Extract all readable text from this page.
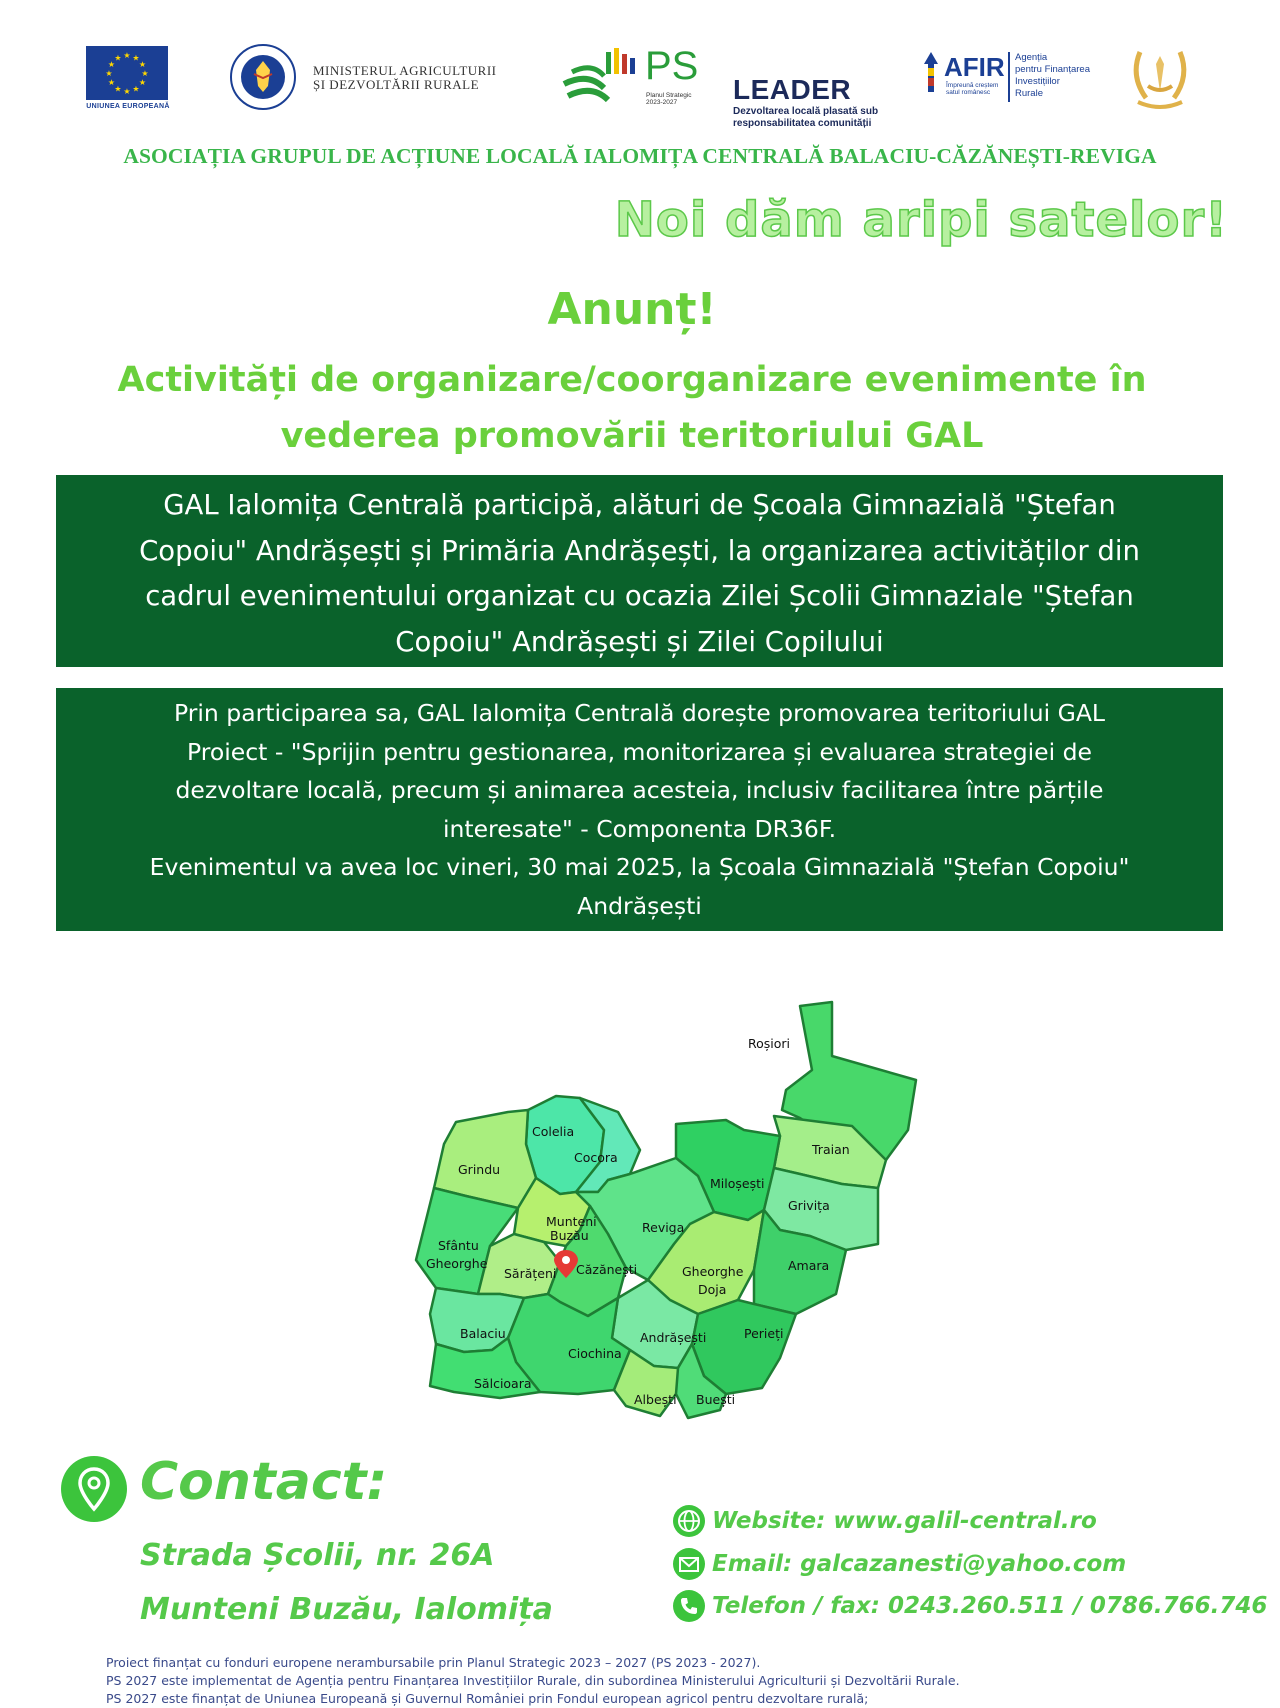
★ ★
★
★
★
★
★
★
★
★
★
★
UNIUNEA EUROPEANĂ
MINISTERUL AGRICULTURII
ȘI DEZVOLTĂRII RURALE	PS
Planul Strategic
2023-2027	LEADER
Dezvoltarea locală plasată sub
responsabilitatea comunității
AFIR
Împreună creștem
satul românesc
Agenția
pentru Finanțarea
Investițiilor
Rurale
ASOCIAȚIA GRUPUL DE ACȚIUNE LOCALĂ IALOMIȚA CENTRALĂ BALACIU-CĂZĂNEȘTI-REVIGA
Noi dăm aripi satelor!
Anunț!
Activități de organizare/coorganizare evenimente în
vederea promovării teritoriului GAL

GAL Ialomița Centrală participă, alături de Școala Gimnazială "Ștefan

Copoiu" Andrășești și Primăria Andrășești, la organizarea activităților din

cadrul evenimentului organizat cu ocazia Zilei Școlii Gimnaziale "Ștefan

Copoiu" Andrășești și Zilei Copilului

Prin participarea sa, GAL Ialomița Centrală dorește promovarea teritoriului GAL

Proiect - "Sprijin pentru gestionarea, monitorizarea și evaluarea strategiei de

dezvoltare locală, precum și animarea acesteia, inclusiv facilitarea între părțile

interesate" - Componenta DR36F.

Evenimentul va avea loc vineri, 30 mai 2025, la Școala Gimnazială "Ștefan Copoiu"

Andrășești

Roșiori
Traian
Colelia
Cocora
Grindu
Miloșești
Grivița
Munteni
Buzău
Reviga
Sfântu
Gheorghe
Sărățeni Căzănești	Gheorghe
Doja
Amara
Balaciu	Andrășești	Perieți
Ciochina
Sălcioara
Albești Buești
Contact:
Strada Școlii, nr. 26A
Munteni Buzău, Ialomița
Website: www.galil-central.ro
Email: galcazanesti@yahoo.com
Telefon / fax: 0243.260.511 / 0786.766.746
Proiect finanțat cu fonduri europene nerambursabile prin Planul Strategic 2023 – 2027 (PS 2023 - 2027).
PS 2027 este implementat de Agenția pentru Finanțarea Investițiilor Rurale, din subordinea Ministerului Agriculturii și Dezvoltării Rurale.
PS 2027 este finanțat de Uniunea Europeană și Guvernul României prin Fondul european agricol pentru dezvoltare rurală;
